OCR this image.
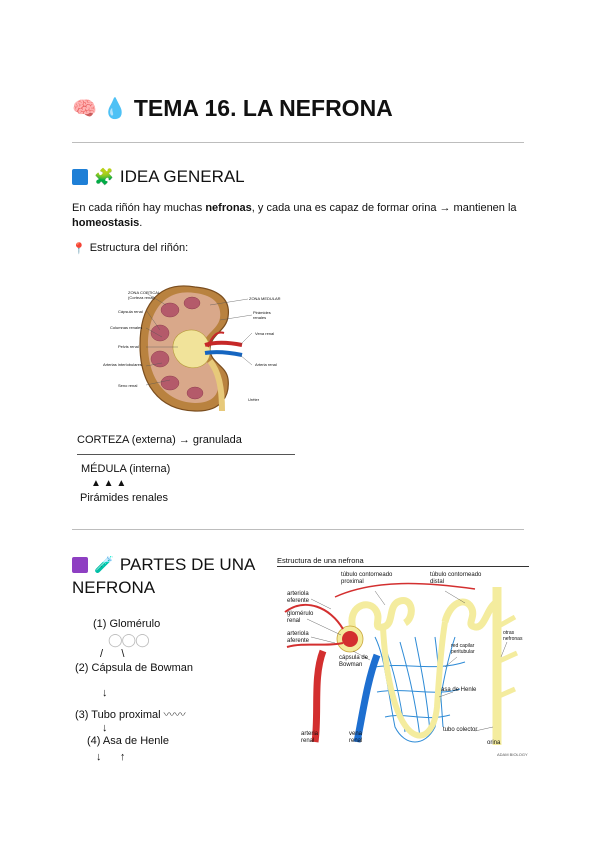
🧠 💧 TEMA 16. LA NEFRONA
🧩 IDEA GENERAL
En cada riñón hay muchas nefronas, y cada una es capaz de formar orina → mantienen la
homeostasis.
📍 Estructura del riñón:
ZONA CORTICAL (Corteza renal)
Cápsula renal
Columnas renales
Pelvis renal
Arterias interlobulares
Seno renal
ZONA MEDULAR
Pirámides renales
Vena renal
Arteria renal
Uréter
CORTEZA (externa) → granulada
MÉDULA (interna)
▲ ▲ ▲
Pirámides renales
🧪 PARTES DE UNA
NEFRONA
(1) Glomérulo
◯◯◯
/      \
(2) Cápsula de Bowman
↓
(3) Tubo proximal 〰〰
↓
(4) Asa de Henle
↓      ↑
Estructura de una nefrona
túbulo contorneado proximal
túbulo contorneado distal
arteriola eferente
glomérulo renal
arteriola aferente
cápsula de Bowman
red capilar peritubular
asa de Henle
tubo colector
arteria renal
vena renal	orina
otras nefronas
ADAM BIOLOGY
